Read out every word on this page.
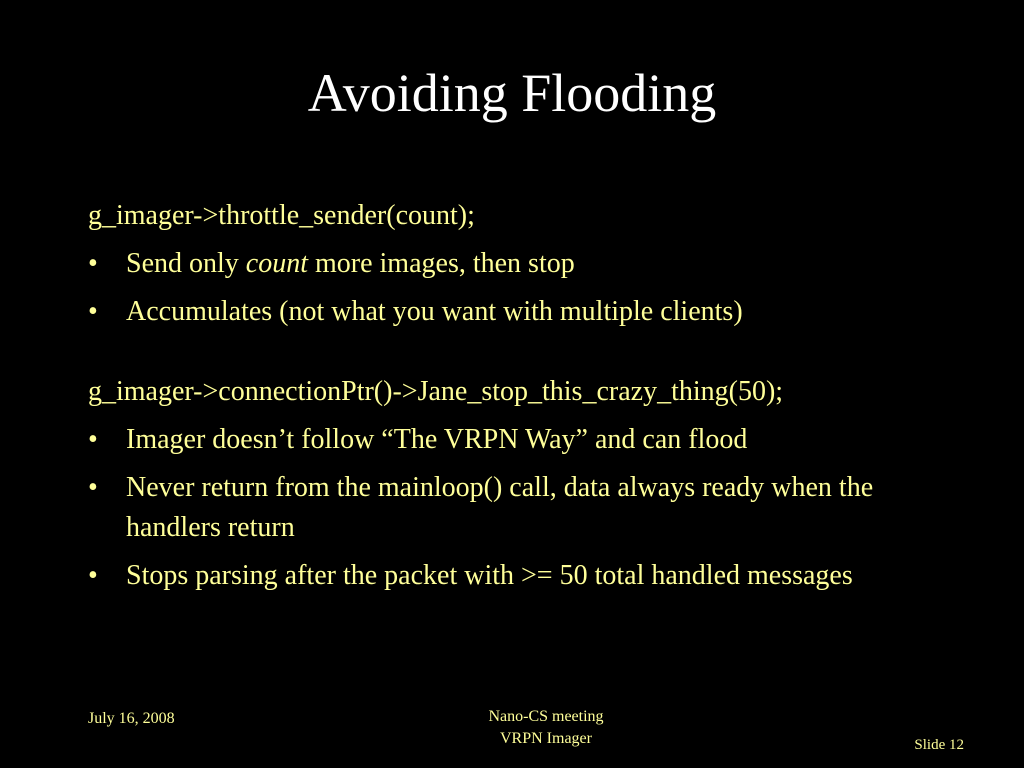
Avoiding Flooding

g_imager->throttle_sender(count);

• Send only count more images, then stop
• Accumulates (not what you want with multiple clients)

g_imager->connectionPtr()->Jane_stop_this_crazy_thing(50);

• Imager doesn’t follow “The VRPN Way” and can flood
• Never return from the mainloop() call, data always ready when the handlers return
• Stops parsing after the packet with >= 50 total handled messages
July 16, 2008	Nano-CS meeting
VRPN Imager	Slide 12
